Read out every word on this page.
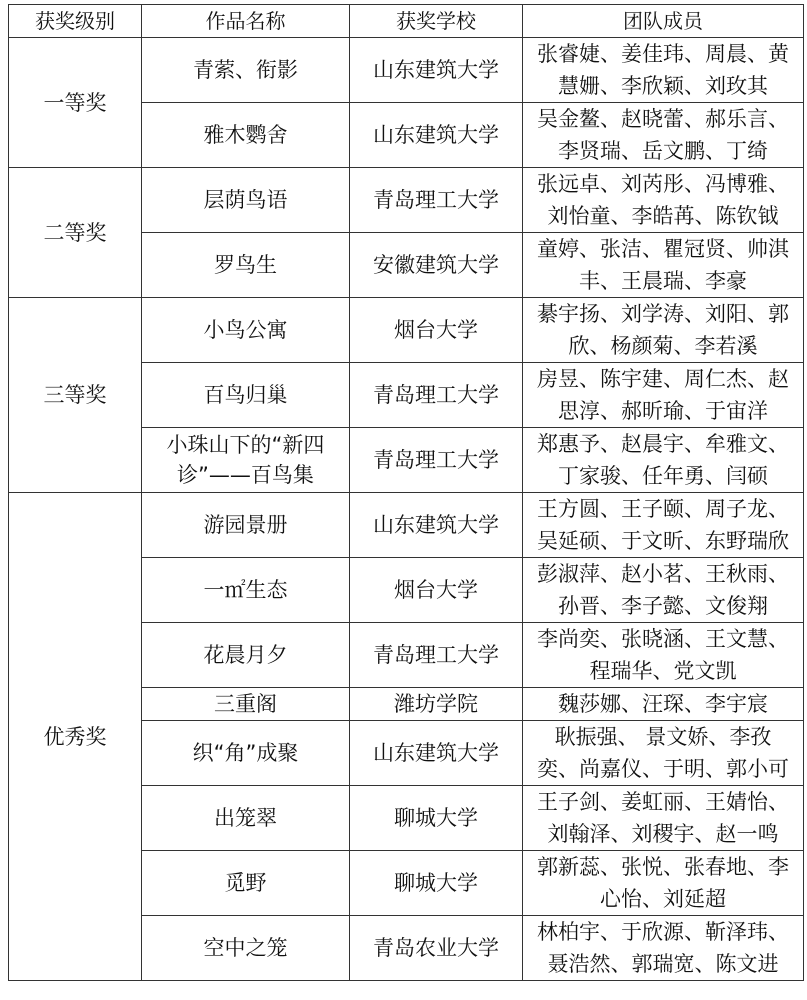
获奖级别	作品名称	获奖学校	团队成员
一等奖	青萦、衔影	山东建筑大学	张睿婕、姜佳玮、周晨、黄
慧姗、李欣颖、刘玫其

	雅木鹦舍	山东建筑大学	吴金鳌、赵晓蕾、郝乐言、
李贤瑞、岳文鹏、丁绮

二等奖	层荫鸟语	青岛理工大学	张远卓、刘芮彤、冯博雅、
刘怡童、李皓苒、陈钦钺

	罗鸟生	安徽建筑大学	童婷、张洁、瞿冠贤、帅淇
丰、王晨瑞、李豪

三等奖	小鸟公寓	烟台大学	綦宇扬、刘学涛、刘阳、郭
欣、杨颜菊、李若溪

	百鸟归巢	青岛理工大学	房昱、陈宇建、周仁杰、赵
思淳、郝昕瑜、于宙洋

	小珠山下的“新四诊”——百鸟集	青岛理工大学	郑惠予、赵晨宇、牟雅文、
丁家骏、任年勇、闫硕

优秀奖	游园景册	山东建筑大学	王方圆、王子颐、周子龙、
吴延硕、于文昕、东野瑞欣

	一㎡生态	烟台大学	彭淑萍、赵小茗、王秋雨、
孙晋、李子懿、文俊翔

	花晨月夕	青岛理工大学	李尚奕、张晓涵、王文慧、
程瑞华、党文凯

	三重阁	潍坊学院	魏莎娜、汪琛、李宇宸

	织“角”成聚	山东建筑大学	耿振强、 景文娇、李孜
奕、尚嘉仪、于明、郭小可

	出笼翠	聊城大学	王子剑、姜虹丽、王婧怡、
刘翰泽、刘稷宇、赵一鸣

	觅野	聊城大学	郭新蕊、张悦、张春地、李
心怡、刘延超

	空中之笼	青岛农业大学	林柏宇、于欣源、靳泽玮、
聂浩然、郭瑞宽、陈文进
